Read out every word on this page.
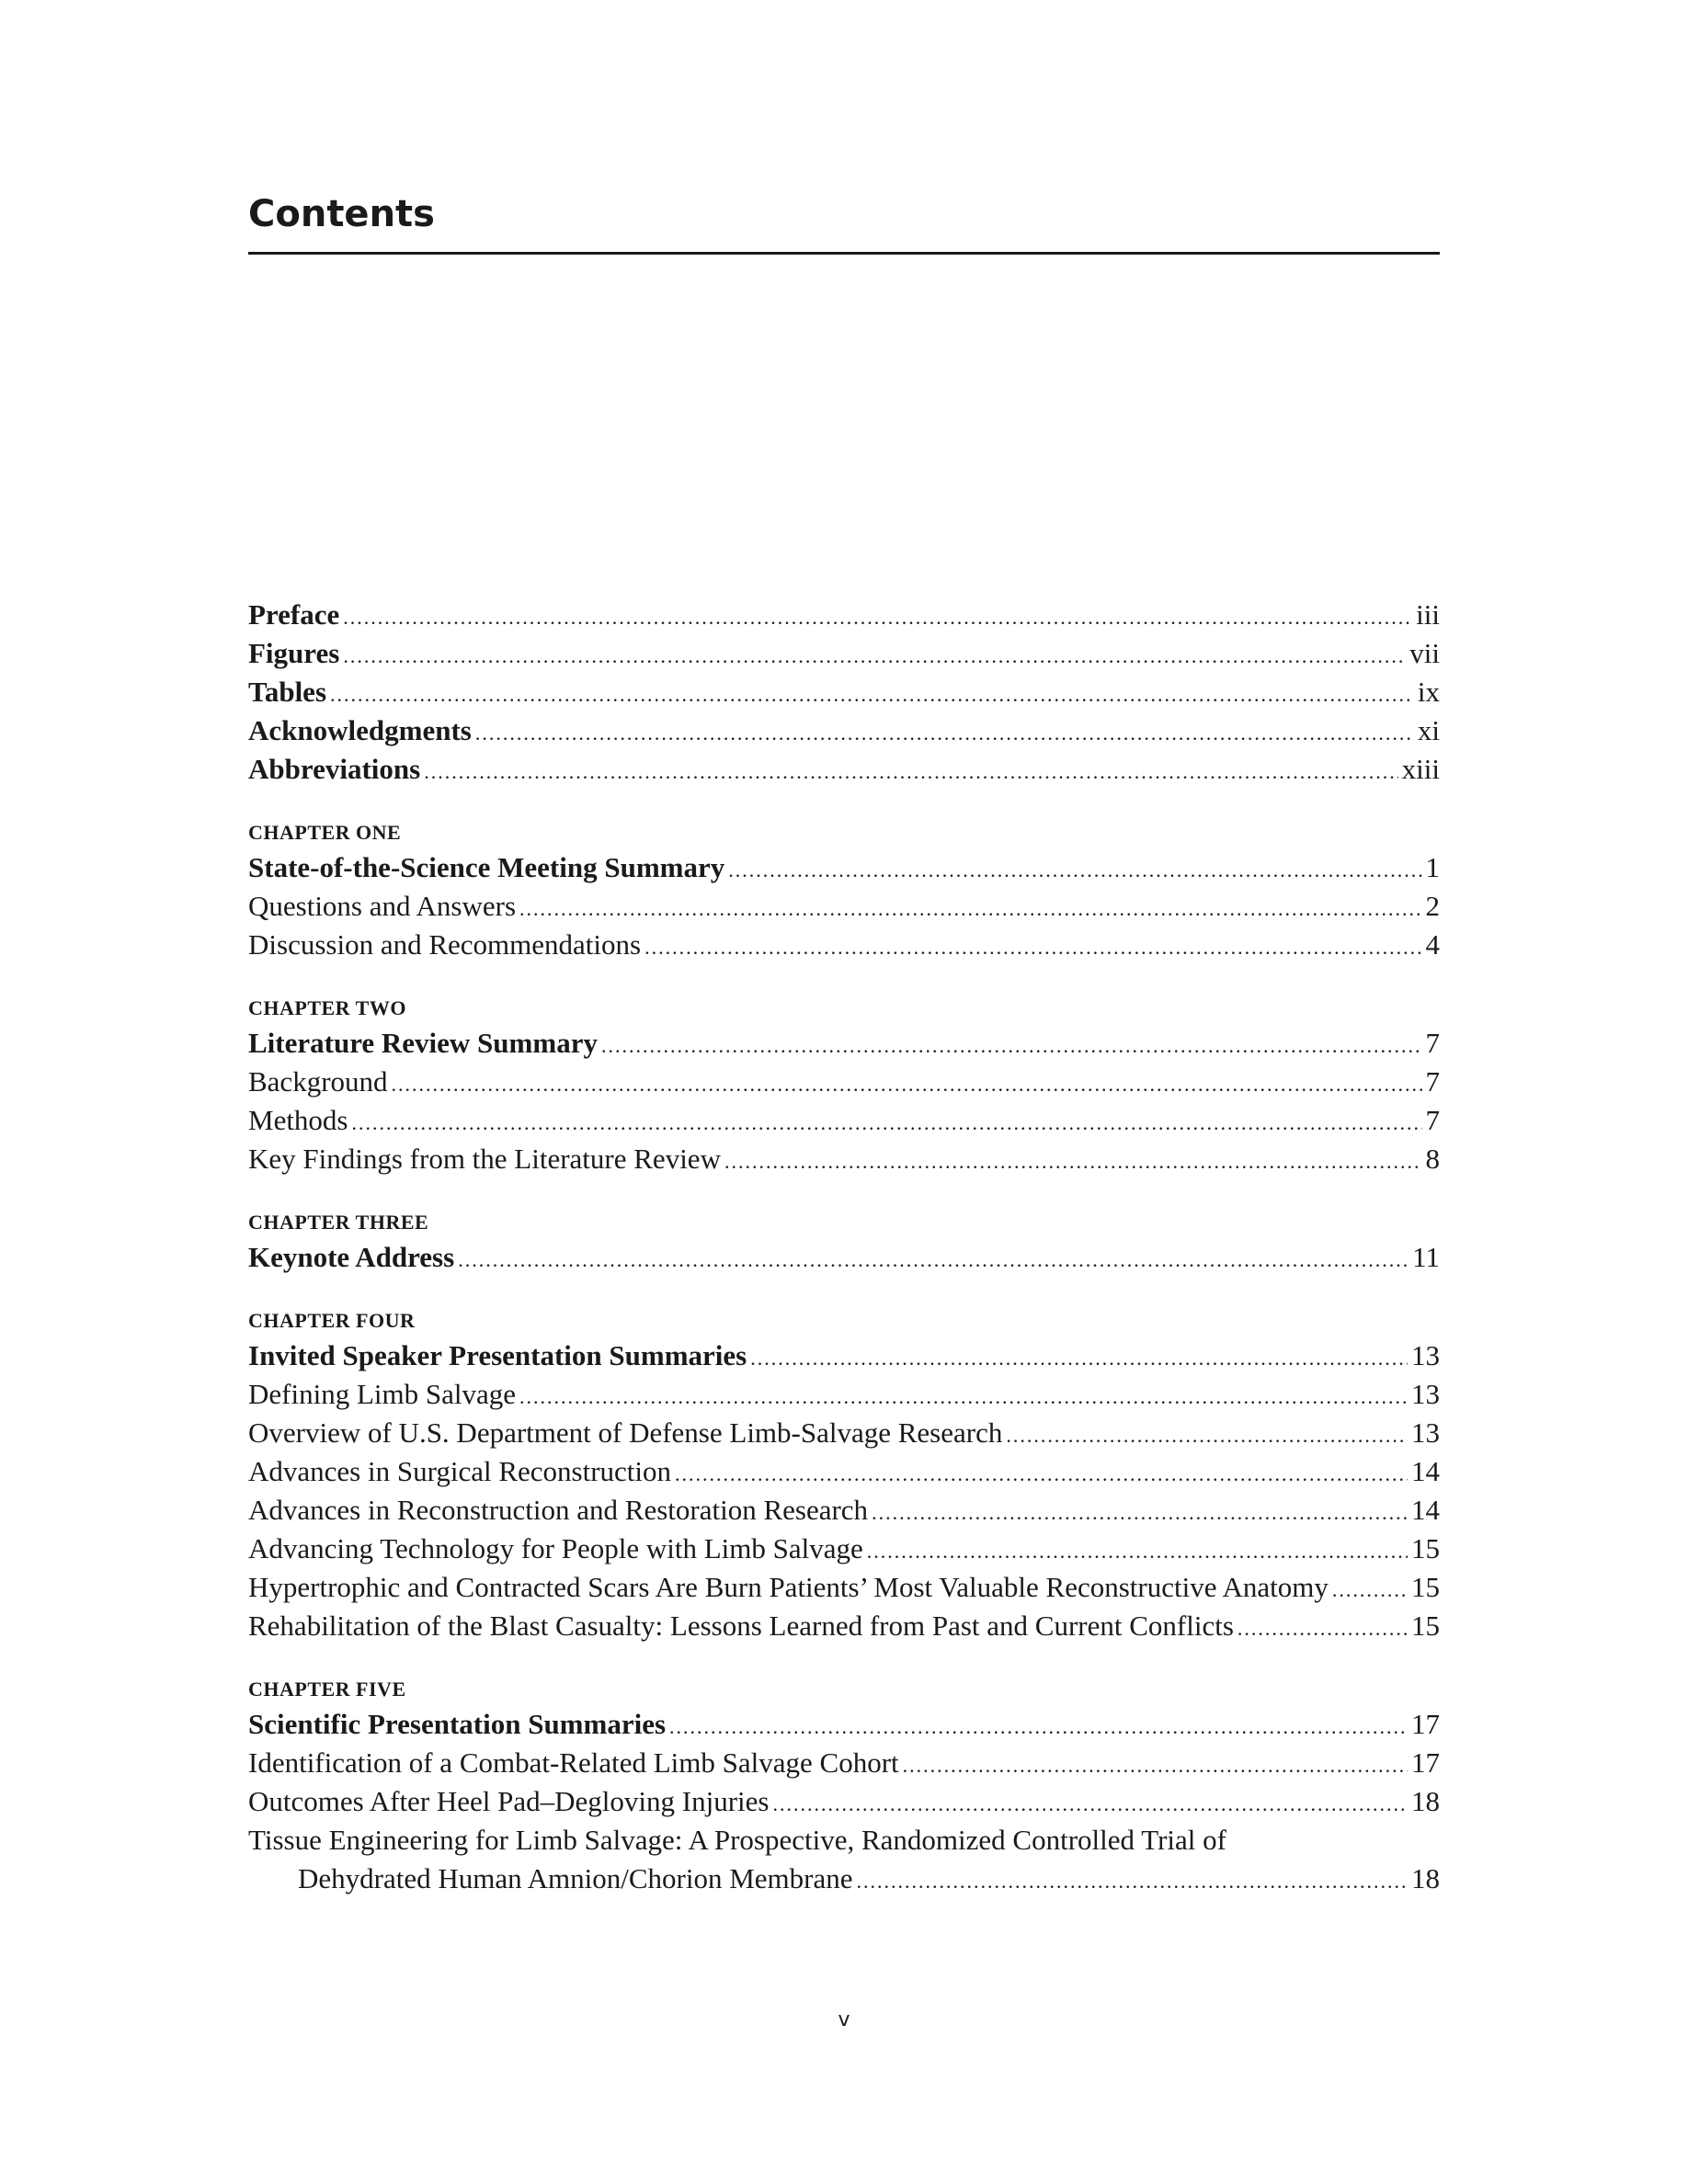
Contents
Preface .....	iii
Figures .....	vii
Tables .....	ix
Acknowledgments .....	xi
Abbreviations .....	xiii
CHAPTER ONE
State-of-the-Science Meeting Summary .....	1
Questions and Answers .....	2
Discussion and Recommendations .....	4
CHAPTER TWO
Literature Review Summary .....	7
Background .....	7
Methods .....	7
Key Findings from the Literature Review .....	8
CHAPTER THREE
Keynote Address .....	11
CHAPTER FOUR
Invited Speaker Presentation Summaries .....	13
Defining Limb Salvage .....	13
Overview of U.S. Department of Defense Limb-Salvage Research .....	13
Advances in Surgical Reconstruction .....	14
Advances in Reconstruction and Restoration Research .....	14
Advancing Technology for People with Limb Salvage .....	15
Hypertrophic and Contracted Scars Are Burn Patients’ Most Valuable Reconstructive Anatomy .....	15
Rehabilitation of the Blast Casualty: Lessons Learned from Past and Current Conflicts .....	15
CHAPTER FIVE
Scientific Presentation Summaries .....	17
Identification of a Combat-Related Limb Salvage Cohort .....	17
Outcomes After Heel Pad–Degloving Injuries .....	18
Tissue Engineering for Limb Salvage: A Prospective, Randomized Controlled Trial of
Dehydrated Human Amnion/Chorion Membrane .....	18
v
